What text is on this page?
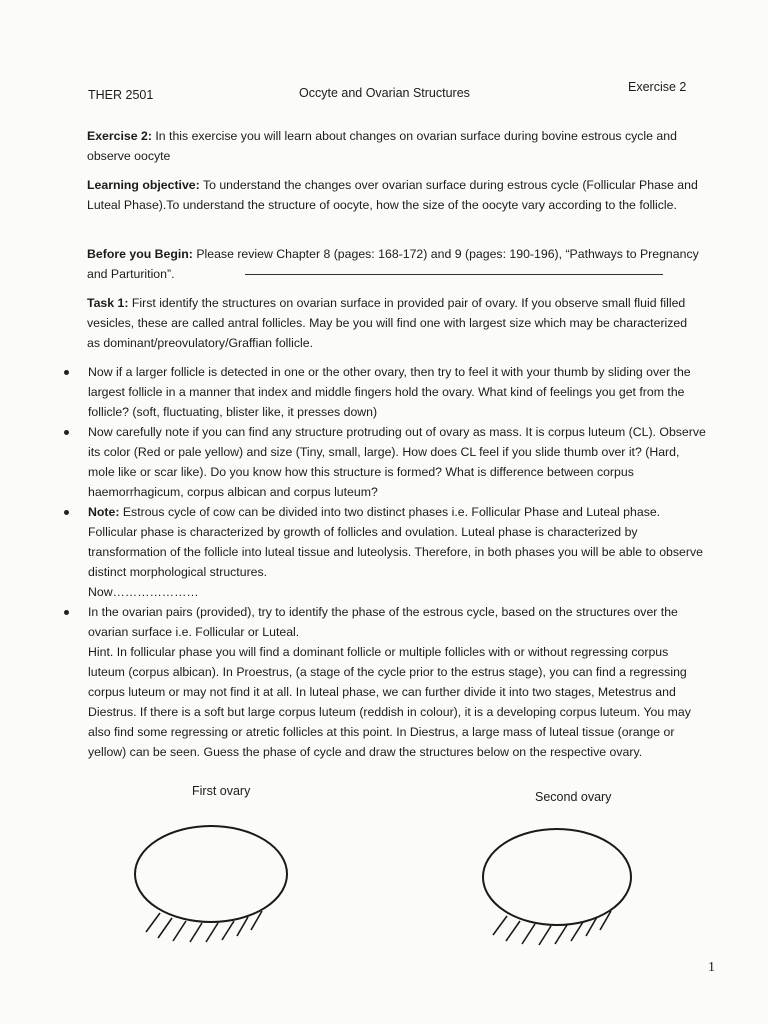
THER 2501	Occyte and Ovarian Structures	Exercise 2
Exercise 2: In this exercise you will learn about changes on ovarian surface during bovine estrous cycle and observe oocyte
Learning objective: To understand the changes over ovarian surface during estrous cycle (Follicular Phase and Luteal Phase).To understand the structure of oocyte, how the size of the oocyte vary according to the follicle.
Before you Begin: Please review Chapter 8 (pages: 168-172) and 9 (pages: 190-196), “Pathways to Pregnancy and Parturition”.
Task 1: First identify the structures on ovarian surface in provided pair of ovary. If you observe small fluid filled vesicles, these are called antral follicles. May be you will find one with largest size which may be characterized as dominant/preovulatory/Graffian follicle.
Now if a larger follicle is detected in one or the other ovary, then try to feel it with your thumb by sliding over the largest follicle in a manner that index and middle fingers hold the ovary. What kind of feelings you get from the follicle? (soft, fluctuating, blister like, it presses down)
Now carefully note if you can find any structure protruding out of ovary as mass. It is corpus luteum (CL). Observe its color (Red or pale yellow) and size (Tiny, small, large). How does CL feel if you slide thumb over it? (Hard, mole like or scar like). Do you know how this structure is formed? What is difference between corpus haemorrhagicum, corpus albican and corpus luteum?
Note: Estrous cycle of cow can be divided into two distinct phases i.e. Follicular Phase and Luteal phase. Follicular phase is characterized by growth of follicles and ovulation. Luteal phase is characterized by transformation of the follicle into luteal tissue and luteolysis. Therefore, in both phases you will be able to observe distinct morphological structures.
Now…………………
In the ovarian pairs (provided), try to identify the phase of the estrous cycle, based on the structures over the ovarian surface i.e. Follicular or Luteal.
Hint. In follicular phase you will find a dominant follicle or multiple follicles with or without regressing corpus luteum (corpus albican). In Proestrus, (a stage of the cycle prior to the estrus stage), you can find a regressing corpus luteum or may not find it at all. In luteal phase, we can further divide it into two stages, Metestrus and Diestrus. If there is a soft but large corpus luteum (reddish in colour), it is a developing corpus luteum. You may also find some regressing or atretic follicles at this point. In Diestrus, a large mass of luteal tissue (orange or yellow) can be seen. Guess the phase of cycle and draw the structures below on the respective ovary.
First ovary	Second ovary
1
